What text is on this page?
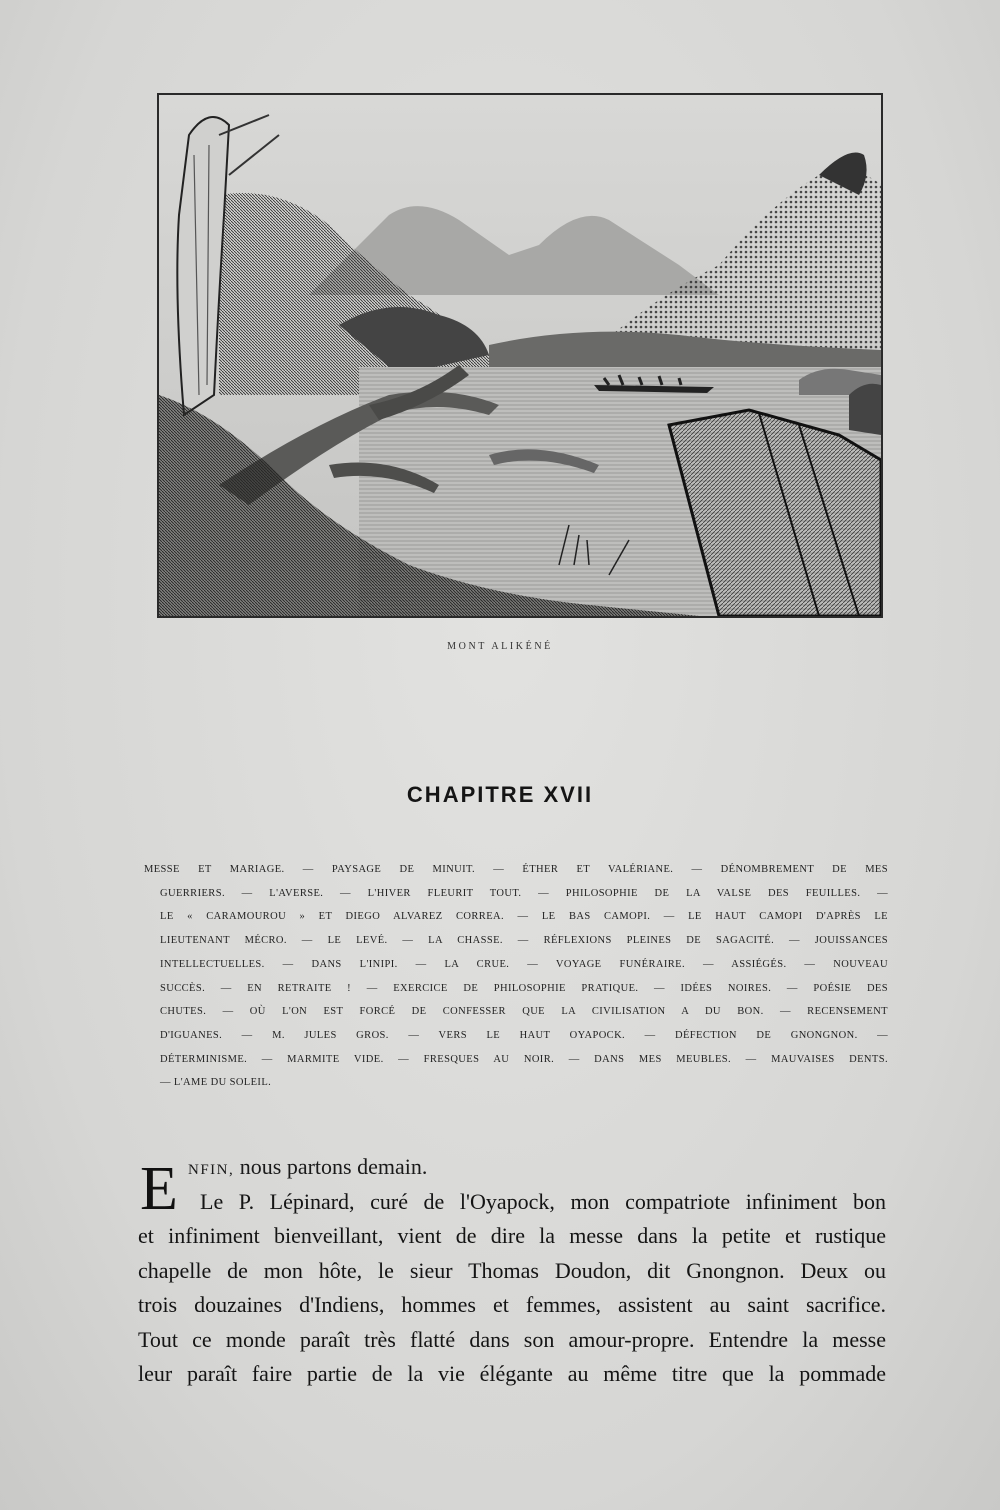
MONT ALIKÉNÉ
CHAPITRE XVII
MESSE ET MARIAGE. — PAYSAGE DE MINUIT. — ÉTHER ET VALÉRIANE. — DÉNOMBREMENT DE MES
GUERRIERS. — L'AVERSE. — L'HIVER FLEURIT TOUT. — PHILOSOPHIE DE LA VALSE DES FEUILLES. —
LE « CARAMOUROU » ET DIEGO ALVAREZ CORREA. — LE BAS CAMOPI. — LE HAUT CAMOPI D'APRÈS LE
LIEUTENANT MÉCRO. — LE LEVÉ. — LA CHASSE. — RÉFLEXIONS PLEINES DE SAGACITÉ. — JOUISSANCES
INTELLECTUELLES. — DANS L'INIPI. — LA CRUE. — VOYAGE FUNÉRAIRE. — ASSIÉGÉS. — NOUVEAU
SUCCÈS. — EN RETRAITE ! — EXERCICE DE PHILOSOPHIE PRATIQUE. — IDÉES NOIRES. — POÉSIE DES
CHUTES. — OÙ L'ON EST FORCÉ DE CONFESSER QUE LA CIVILISATION A DU BON. — RECENSEMENT
D'IGUANES. — M. JULES GROS. — VERS LE HAUT OYAPOCK. — DÉFECTION DE GNONGNON. —
DÉTERMINISME. — MARMITE VIDE. — FRESQUES AU NOIR. — DANS MES MEUBLES. — MAUVAISES DENTS.
— L'AME DU SOLEIL.
E NFIN, nous partons demain.

Le P. Lépinard, curé de l'Oyapock, mon compatriote infiniment bon
et infiniment bienveillant, vient de dire la messe dans la petite et rustique
chapelle de mon hôte, le sieur Thomas Doudon, dit Gnongnon. Deux ou
trois douzaines d'Indiens, hommes et femmes, assistent au saint sacrifice.
Tout ce monde paraît très flatté dans son amour-propre. Entendre la messe
leur paraît faire partie de la vie élégante au même titre que la pommade
